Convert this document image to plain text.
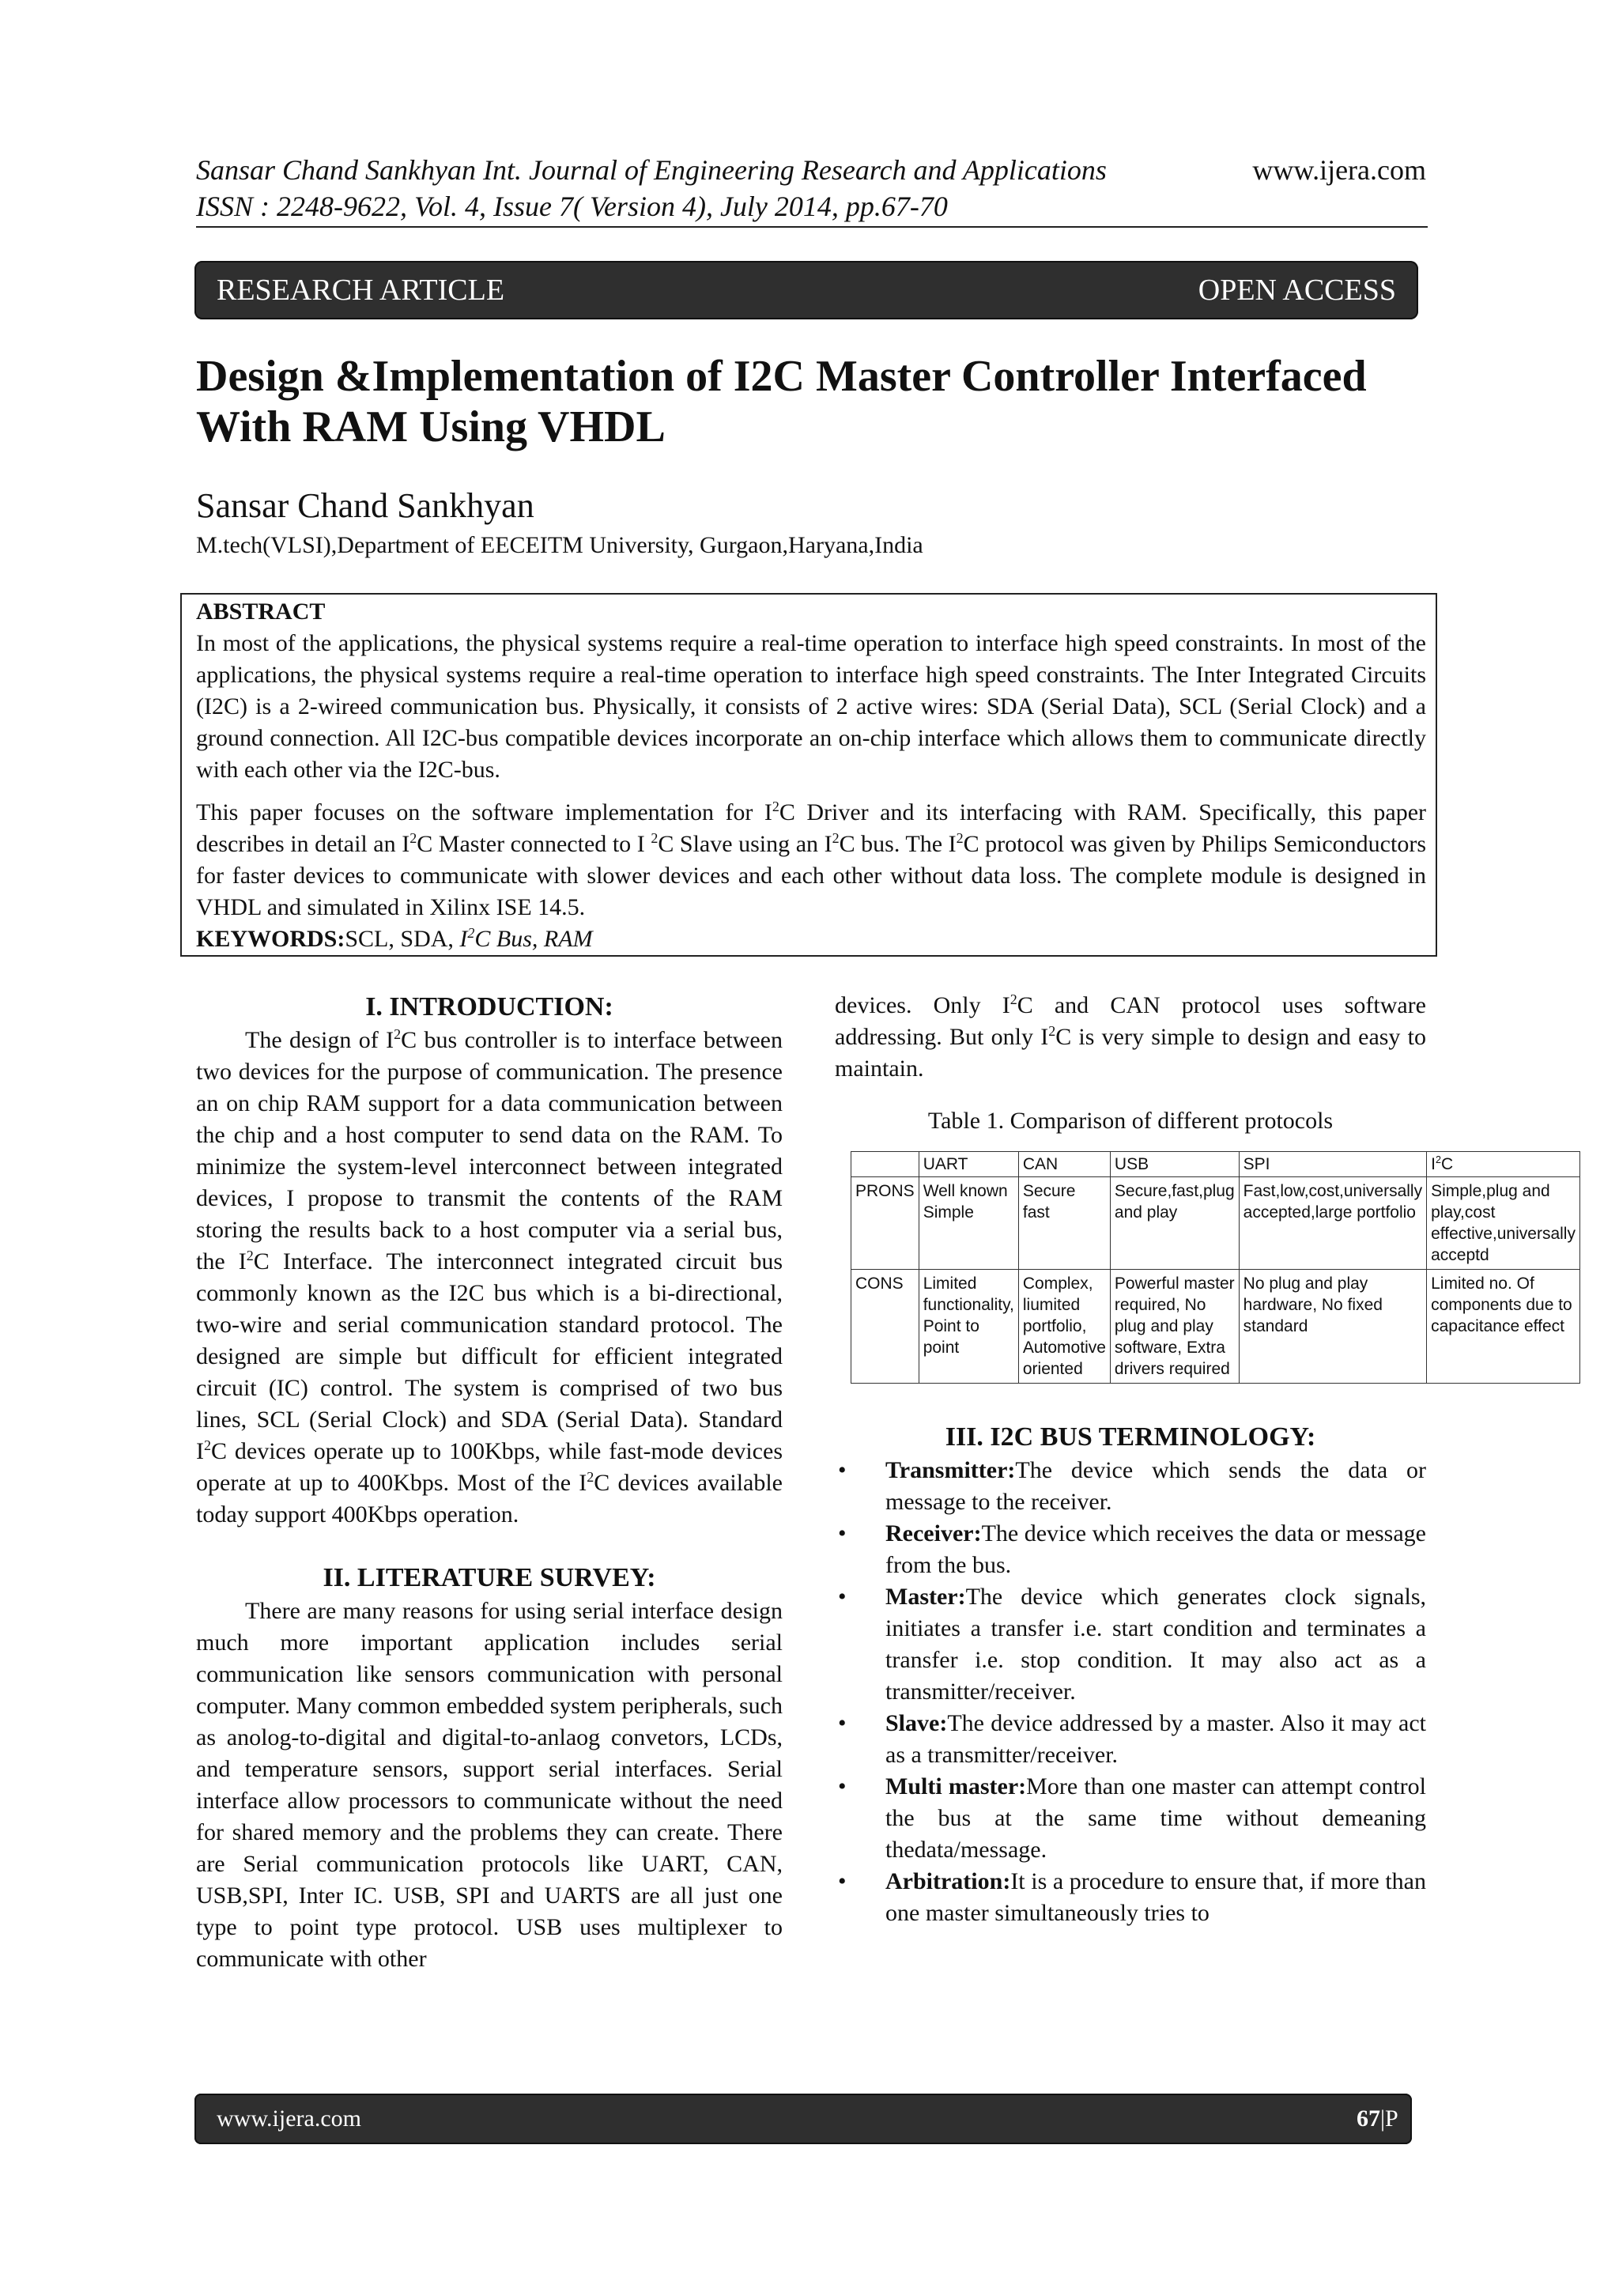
Sansar Chand Sankhyan Int. Journal of Engineering Research and Applications
ISSN : 2248-9622, Vol. 4, Issue 7( Version 4), July 2014, pp.67-70
www.ijera.com
RESEARCH ARTICLE	OPEN ACCESS
Design &Implementation of I2C Master Controller Interfaced With RAM Using VHDL
Sansar Chand Sankhyan
M.tech(VLSI),Department of EECEITM University, Gurgaon,Haryana,India

ABSTRACT

In most of the applications, the physical systems require a real-time operation to interface high speed constraints. In most of the applications, the physical systems require a real-time operation to interface high speed constraints. The Inter Integrated Circuits (I2C) is a 2-wireed communication bus. Physically, it consists of 2 active wires: SDA (Serial Data), SCL (Serial Clock) and a ground connection. All I2C-bus compatible devices incorporate an on-chip interface which allows them to communicate directly with each other via the I2C-bus.

This paper focuses on the software implementation for $I^2C$ Driver and its interfacing with RAM. Specifically, this paper describes in detail an $I^2C$ Master connected to I $^2$C Slave using an $I^2C$ bus. The $I^2C$ protocol was given by Philips Semiconductors for faster devices to communicate with slower devices and each other without data loss. The complete module is designed in VHDL and simulated in Xilinx ISE 14.5.

KEYWORDS:SCL, SDA, $I^2C$ Bus, RAM

I. INTRODUCTION:

The design of $I^2C$ bus controller is to interface between two devices for the purpose of communication. The presence an on chip RAM support for a data communication between the chip and a host computer to send data on the RAM. To minimize the system-level interconnect between integrated devices, I propose to transmit the contents of the RAM storing the results back to a host computer via a serial bus, the $I^2C$ Interface. The interconnect integrated circuit bus commonly known as the I2C bus which is a bi-directional, two-wire and serial communication standard protocol. The designed are simple but difficult for efficient integrated circuit (IC) control. The system is comprised of two bus lines, SCL (Serial Clock) and SDA (Serial Data). Standard $I^2C$ devices operate up to 100Kbps, while fast-mode devices operate at up to 400Kbps. Most of the $I^2C$ devices available today support 400Kbps operation.

II. LITERATURE SURVEY:

There are many reasons for using serial interface design much more important application includes serial communication like sensors communication with personal computer. Many common embedded system peripherals, such as anolog-to-digital and digital-to-anlaog convetors, LCDs, and temperature sensors, support serial interfaces. Serial interface allow processors to communicate without the need for shared memory and the problems they can create. There are Serial communication protocols like UART, CAN, USB,SPI, Inter IC. USB, SPI and UARTS are all just one type to point type protocol. USB uses multiplexer to communicate with other

devices. Only $I^2C$ and CAN protocol uses software addressing. But only $I^2C$ is very simple to design and easy to maintain.

Table 1. Comparison of different protocols
	UART	CAN	USB	SPI	$I^2C$
PRONS	Well known Simple	Secure fast	Secure,fast,plug and play	Fast,low,cost,universally accepted,large portfolio	Simple,plug and play,cost effective,universally acceptd
CONS	Limited functionality, Point to point	Complex, liumited portfolio, Automotive oriented	Powerful master required, No plug and play software, Extra drivers required	No plug and play hardware, No fixed standard	Limited no. Of components due to capacitance effect
III. I2C BUS TERMINOLOGY:
• Transmitter:The device which sends the data or message to the receiver.
• Receiver:The device which receives the data or message from the bus.
• Master:The device which generates clock signals, initiates a transfer i.e. start condition and terminates a transfer i.e. stop condition. It may also act as a transmitter/receiver.
• Slave:The device addressed by a master. Also it may act as a transmitter/receiver.
• Multi master:More than one master can attempt control the bus at the same time without demeaning thedata/message.
• Arbitration:It is a procedure to ensure that, if more than one master simultaneously tries to
www.ijera.com	67 |P a g e
